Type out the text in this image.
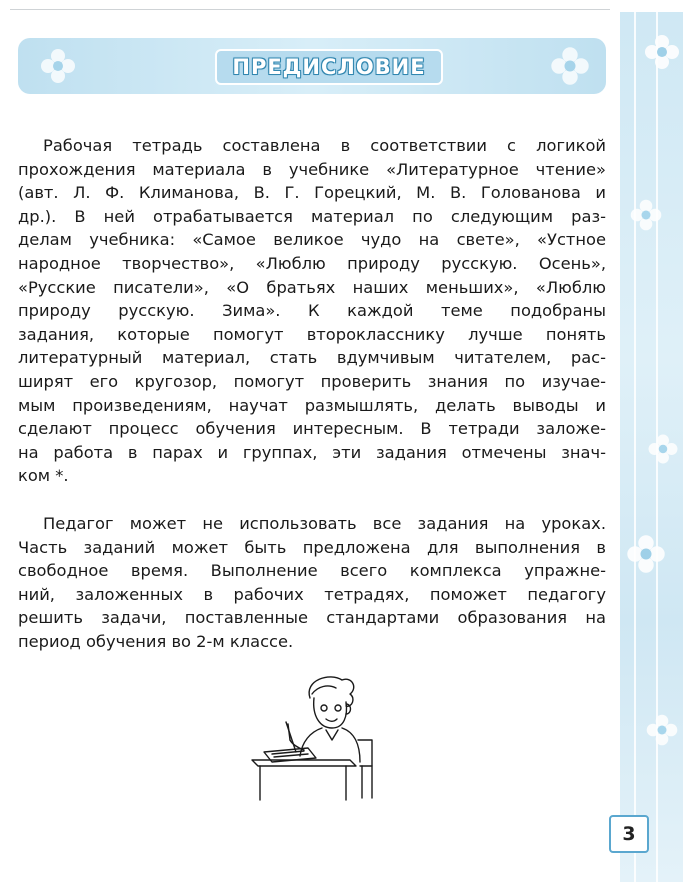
ПРЕДИСЛОВИЕ
Рабочая тетрадь составлена в соответствии с логикой
прохождения материала в учебнике «Литературное чтение»
(авт. Л. Ф. Климанова, В. Г. Горецкий, М. В. Голованова и
др.). В ней отрабатывается материал по следующим раз-
делам учебника: «Самое великое чудо на свете», «Устное
народное творчество», «Люблю природу русскую. Осень»,
«Русские писатели», «О братьях наших меньших», «Люблю
природу русскую. Зима». К каждой теме подобраны
задания, которые помогут второкласснику лучше понять
литературный материал, стать вдумчивым читателем, рас-
ширят его кругозор, помогут проверить знания по изучае-
мым произведениям, научат размышлять, делать выводы и
сделают процесс обучения интересным. В тетради заложе-
на работа в парах и группах, эти задания отмечены знач-
ком *.
Педагог может не использовать все задания на уроках.
Часть заданий может быть предложена для выполнения в
свободное время. Выполнение всего комплекса упражне-
ний, заложенных в рабочих тетрадях, поможет педагогу
решить задачи, поставленные стандартами образования на
период обучения во 2-м классе.
3
